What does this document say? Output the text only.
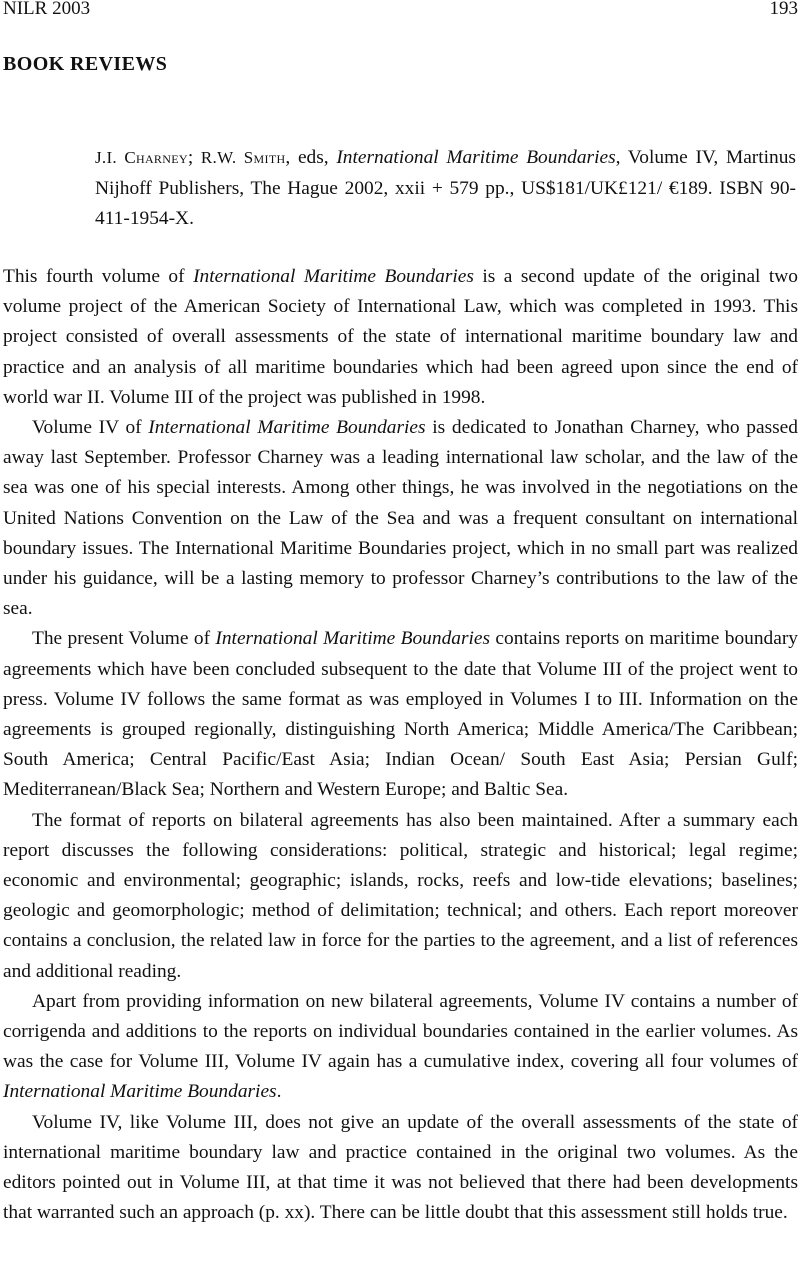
NILR 2003	193
BOOK REVIEWS
J.I. Charney; R.W. Smith, eds, International Maritime Boundaries, Volume IV, Martinus Nijhoff Publishers, The Hague 2002, xxii + 579 pp., US$181/UK£121/ €189. ISBN 90-411-1954-X.

This fourth volume of International Maritime Boundaries is a second update of the original two volume project of the American Society of International Law, which was completed in 1993. This project consisted of overall assessments of the state of international maritime boundary law and practice and an analysis of all maritime boundaries which had been agreed upon since the end of world war II. Volume III of the project was published in 1998.

Volume IV of International Maritime Boundaries is dedicated to Jonathan Charney, who passed away last September. Professor Charney was a leading international law scholar, and the law of the sea was one of his special interests. Among other things, he was involved in the negotiations on the United Nations Convention on the Law of the Sea and was a frequent consultant on international boundary issues. The International Maritime Boundaries project, which in no small part was realized under his guidance, will be a lasting memory to professor Charney’s contributions to the law of the sea.

The present Volume of International Maritime Boundaries contains reports on maritime boundary agreements which have been concluded subsequent to the date that Volume III of the project went to press. Volume IV follows the same format as was employed in Volumes I to III. Information on the agreements is grouped regionally, distinguishing North America; Middle America/The Caribbean; South America; Central Pacific/East Asia; Indian Ocean/ South East Asia; Persian Gulf; Mediterranean/Black Sea; Northern and Western Europe; and Baltic Sea.

The format of reports on bilateral agreements has also been maintained. After a summary each report discusses the following considerations: political, strategic and historical; legal regime; economic and environmental; geographic; islands, rocks, reefs and low-tide elevations; baselines; geologic and geomorphologic; method of delimitation; technical; and others. Each report moreover contains a conclusion, the related law in force for the parties to the agreement, and a list of references and additional reading.

Apart from providing information on new bilateral agreements, Volume IV contains a number of corrigenda and additions to the reports on individual boundaries contained in the earlier volumes. As was the case for Volume III, Volume IV again has a cumulative index, covering all four volumes of International Maritime Boundaries.

Volume IV, like Volume III, does not give an update of the overall assessments of the state of international maritime boundary law and practice contained in the original two volumes. As the editors pointed out in Volume III, at that time it was not believed that there had been developments that warranted such an approach (p. xx). There can be little doubt that this assessment still holds true.
